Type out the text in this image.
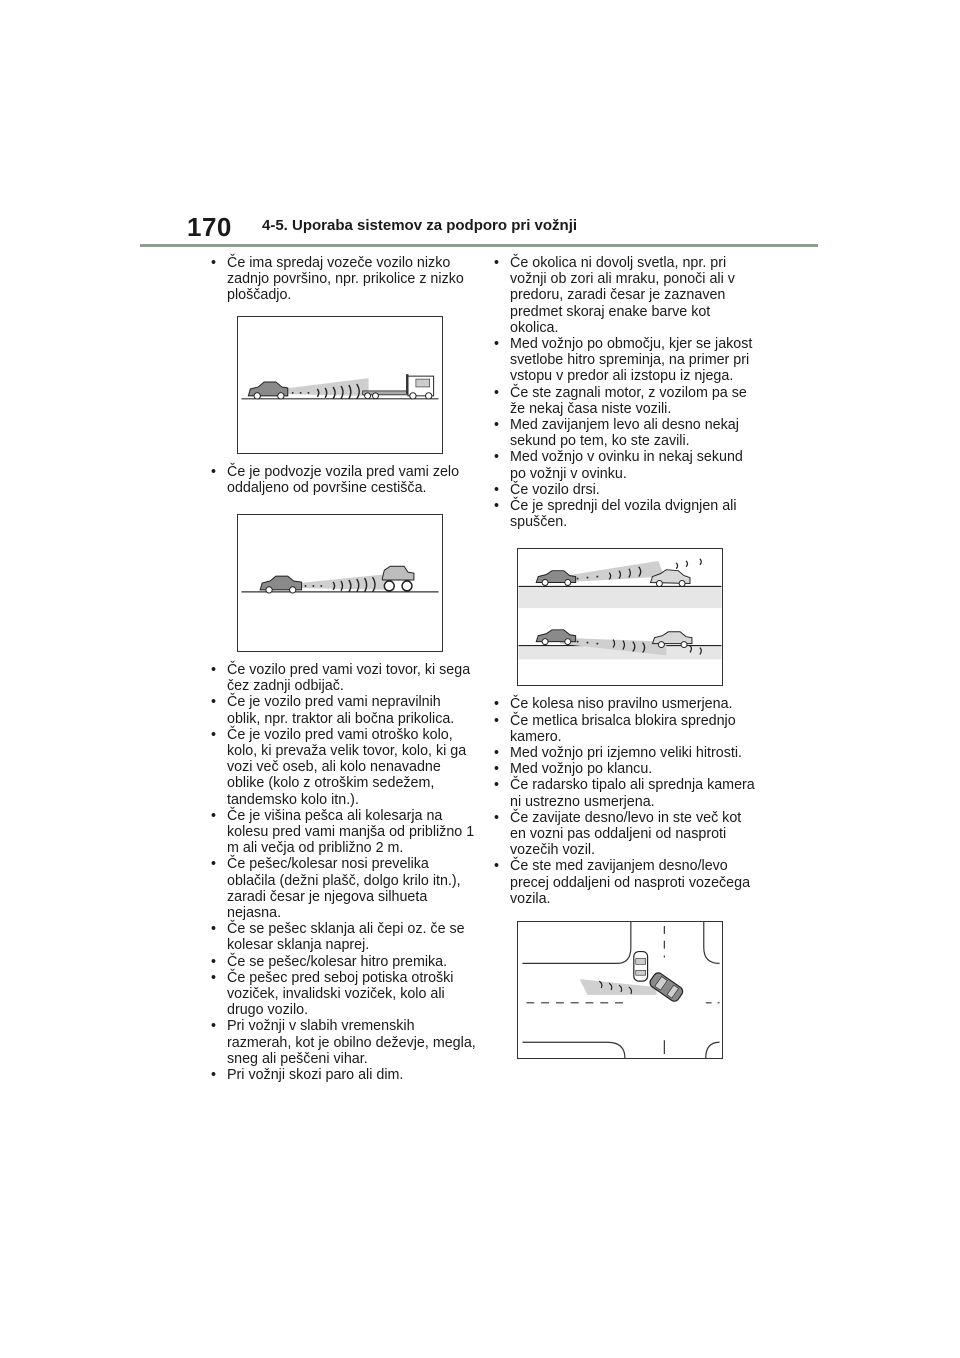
170 4-5. Uporaba sistemov za podporo pri vožnji
• Če ima spredaj vozeče vozilo nizko zadnjo površino, npr. prikolice z nizko ploščadjo.
• Če je podvozje vozila pred vami zelo oddaljeno od površine cestišča.
• Če vozilo pred vami vozi tovor, ki sega čez zadnji odbijač.
• Če je vozilo pred vami nepravilnih oblik, npr. traktor ali bočna prikolica.
• Če je vozilo pred vami otroško kolo, kolo, ki prevaža velik tovor, kolo, ki ga vozi več oseb, ali kolo nenavadne oblike (kolo z otroškim sedežem, tandemsko kolo itn.).
• Če je višina pešca ali kolesarja na kolesu pred vami manjša od približno 1 m ali večja od približno 2 m.
• Če pešec/kolesar nosi prevelika oblačila (dežni plašč, dolgo krilo itn.), zaradi česar je njegova silhueta nejasna.
• Če se pešec sklanja ali čepi oz. če se kolesar sklanja naprej.
• Če se pešec/kolesar hitro premika.
• Če pešec pred seboj potiska otroški voziček, invalidski voziček, kolo ali drugo vozilo.
• Pri vožnji v slabih vremenskih razmerah, kot je obilno deževje, megla, sneg ali peščeni vihar.
• Pri vožnji skozi paro ali dim.
• Če okolica ni dovolj svetla, npr. pri vožnji ob zori ali mraku, ponoči ali v predoru, zaradi česar je zaznaven predmet skoraj enake barve kot okolica.
• Med vožnjo po območju, kjer se jakost svetlobe hitro spreminja, na primer pri vstopu v predor ali izstopu iz njega.
• Če ste zagnali motor, z vozilom pa se že nekaj časa niste vozili.
• Med zavijanjem levo ali desno nekaj sekund po tem, ko ste zavili.
• Med vožnjo v ovinku in nekaj sekund po vožnji v ovinku.
• Če vozilo drsi.
• Če je sprednji del vozila dvignjen ali spuščen.
• Če kolesa niso pravilno usmerjena.
• Če metlica brisalca blokira sprednjo kamero.
• Med vožnjo pri izjemno veliki hitrosti.
• Med vožnjo po klancu.
• Če radarsko tipalo ali sprednja kamera ni ustrezno usmerjena.
• Če zavijate desno/levo in ste več kot en vozni pas oddaljeni od nasproti vozečih vozil.
• Če ste med zavijanjem desno/levo precej oddaljeni od nasproti vozečega vozila.
